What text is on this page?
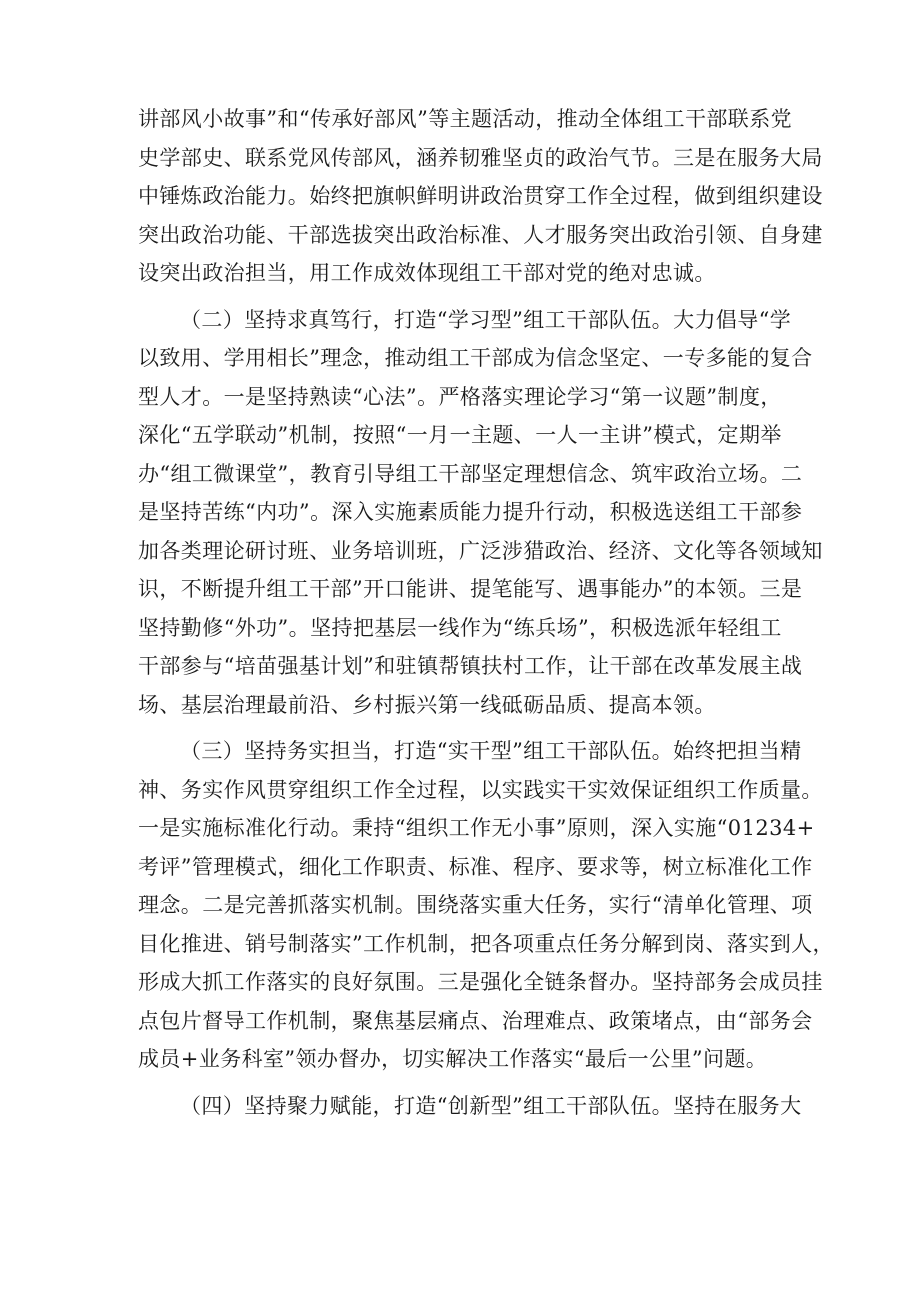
讲部风小故事”和“传承好部风”等主题活动，推动全体组工干部联系党
史学部史、联系党风传部风，涵养韧雅坚贞的政治气节。三是在服务大局
中锤炼政治能力。始终把旗帜鲜明讲政治贯穿工作全过程，做到组织建设
突出政治功能、干部选拔突出政治标准、人才服务突出政治引领、自身建
设突出政治担当，用工作成效体现组工干部对党的绝对忠诚。
（二）坚持求真笃行，打造“学习型”组工干部队伍。大力倡导“学
以致用、学用相长”理念，推动组工干部成为信念坚定、一专多能的复合
型人才。一是坚持熟读“心法”。严格落实理论学习“第一议题”制度，
深化“五学联动”机制，按照“一月一主题、一人一主讲”模式，定期举
办“组工微课堂”，教育引导组工干部坚定理想信念、筑牢政治立场。二
是坚持苦练“内功”。深入实施素质能力提升行动，积极选送组工干部参
加各类理论研讨班、业务培训班，广泛涉猎政治、经济、文化等各领域知
识，不断提升组工干部”开口能讲、提笔能写、遇事能办”的本领。三是
坚持勤修“外功”。坚持把基层一线作为“练兵场”，积极选派年轻组工
干部参与“培苗强基计划”和驻镇帮镇扶村工作，让干部在改革发展主战
场、基层治理最前沿、乡村振兴第一线砥砺品质、提高本领。
（三）坚持务实担当，打造“实干型”组工干部队伍。始终把担当精
神、务实作风贯穿组织工作全过程，以实践实干实效保证组织工作质量。
一是实施标准化行动。秉持“组织工作无小事”原则，深入实施“01234+
考评”管理模式，细化工作职责、标准、程序、要求等，树立标准化工作
理念。二是完善抓落实机制。围绕落实重大任务，实行“清单化管理、项
目化推进、销号制落实”工作机制，把各项重点任务分解到岗、落实到人，
形成大抓工作落实的良好氛围。三是强化全链条督办。坚持部务会成员挂
点包片督导工作机制，聚焦基层痛点、治理难点、政策堵点，由“部务会
成员+业务科室”领办督办，切实解决工作落实“最后一公里”问题。
（四）坚持聚力赋能，打造“创新型”组工干部队伍。坚持在服务大
